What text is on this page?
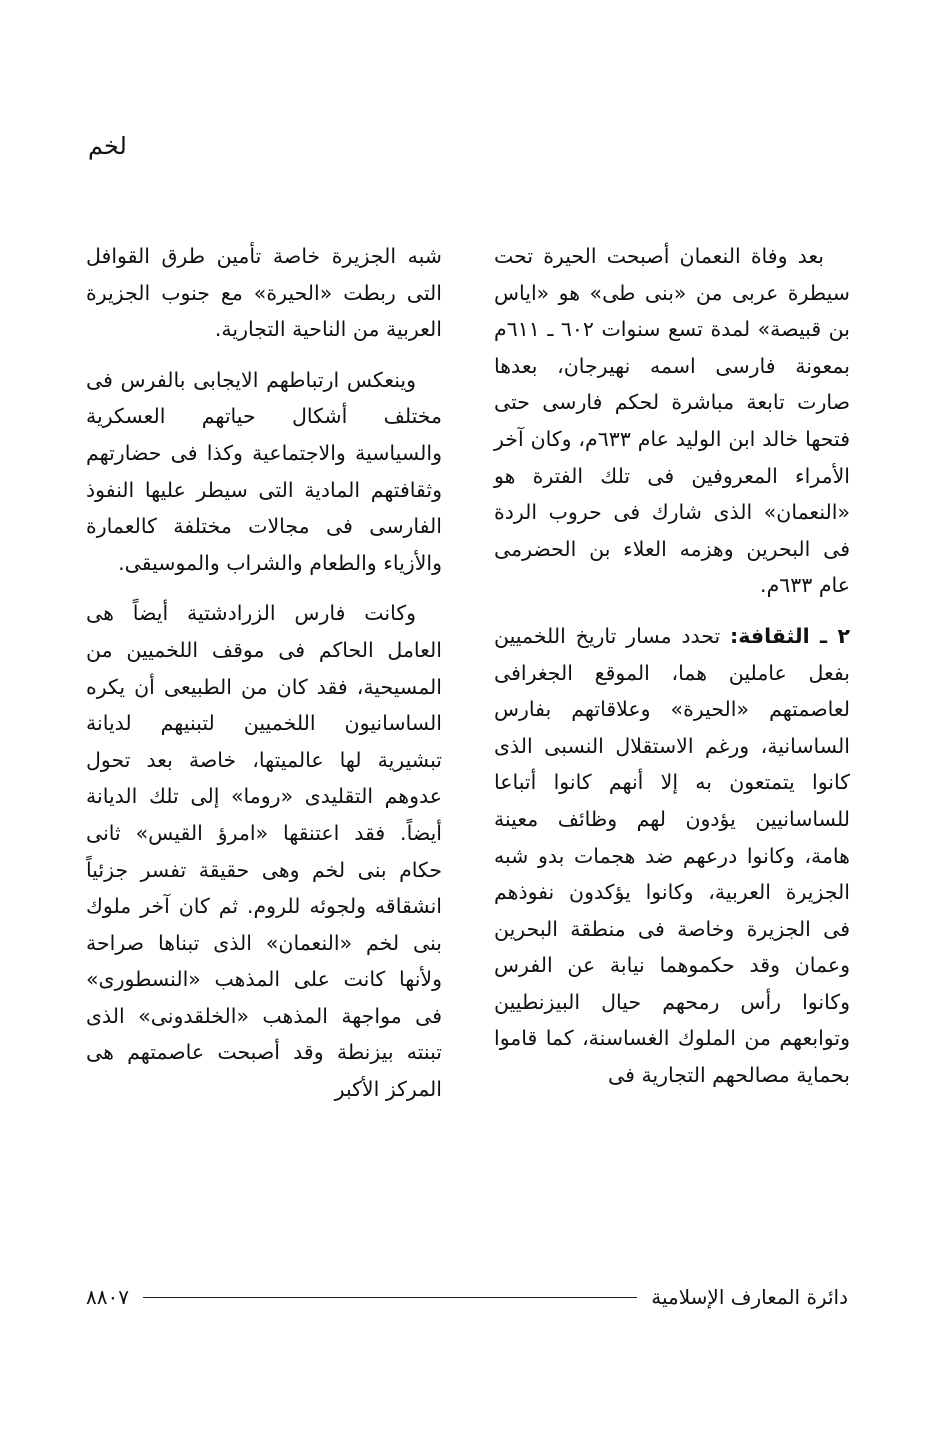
لخم

بعد وفاة النعمان أصبحت الحيرة تحت سيطرة عربى من «بنى طى» هو «اياس بن قبيصة» لمدة تسع سنوات ٦٠٢ ـ ٦١١م بمعونة فارسى اسمه نهيرجان، بعدها صارت تابعة مباشرة لحكم فارسى حتى فتحها خالد ابن الوليد عام ٦٣٣م، وكان آخر الأمراء المعروفين فى تلك الفترة هو «النعمان» الذى شارك فى حروب الردة فى البحرين وهزمه العلاء بن الحضرمى عام ٦٣٣م.

٢ ـ الثقافة: تحدد مسار تاريخ اللخميين بفعل عاملين هما، الموقع الجغرافى لعاصمتهم «الحيرة» وعلاقاتهم بفارس الساسانية، ورغم الاستقلال النسبى الذى كانوا يتمتعون به إلا أنهم كانوا أتباعا للساسانيين يؤدون لهم وظائف معينة هامة، وكانوا درعهم ضد هجمات بدو شبه الجزيرة العربية، وكانوا يؤكدون نفوذهم فى الجزيرة وخاصة فى منطقة البحرين وعمان وقد حكموهما نيابة عن الفرس وكانوا رأس رمحهم حيال البيزنطيين وتوابعهم من الملوك الغساسنة، كما قاموا بحماية مصالحهم التجارية فى

شبه الجزيرة خاصة تأمين طرق القوافل التى ربطت «الحيرة» مع جنوب الجزيرة العربية من الناحية التجارية.

وينعكس ارتباطهم الايجابى بالفرس فى مختلف أشكال حياتهم العسكرية والسياسية والاجتماعية وكذا فى حضارتهم وثقافتهم المادية التى سيطر عليها النفوذ الفارسى فى مجالات مختلفة كالعمارة والأزياء والطعام والشراب والموسيقى.

وكانت فارس الزرادشتية أيضاً هى العامل الحاكم فى موقف اللخميين من المسيحية، فقد كان من الطبيعى أن يكره الساسانيون اللخميين لتبنيهم لديانة تبشيرية لها عالميتها، خاصة بعد تحول عدوهم التقليدى «روما» إلى تلك الديانة أيضاً. فقد اعتنقها «امرؤ القيس» ثانى حكام بنى لخم وهى حقيقة تفسر جزئياً انشقاقه ولجوئه للروم. ثم كان آخر ملوك بنى لخم «النعمان» الذى تبناها صراحة ولأنها كانت على المذهب «النسطورى» فى مواجهة المذهب «الخلقدونى» الذى تبنته بيزنطة وقد أصبحت عاصمتهم هى المركز الأكبر

دائرة المعارف الإسلامية
٨٨٠٧
